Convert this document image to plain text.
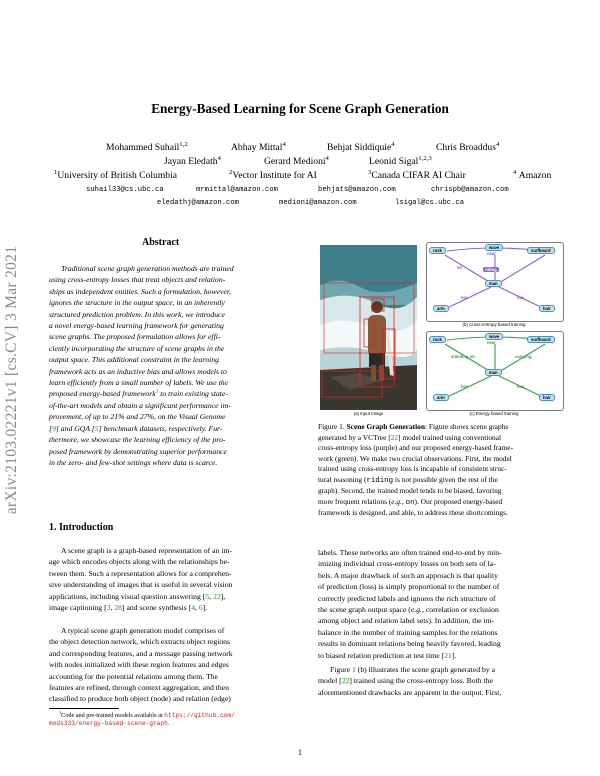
arXiv:2103.02221v1 [cs.CV] 3 Mar 2021
Energy-Based Learning for Scene Graph Generation
Mohammed Suhail$^{1,2}$	Abhay Mittal$^4$	Behjat Siddiquie$^4$	Chris Broaddus$^4$
Jayan Eledath$^4$	Gerard Medioni$^4$	Leonid Sigal$^{1,2,3}$
$^1$University of British Columbia	$^2$Vector Institute for AI	$^3$Canada CIFAR AI Chair	$^4$ Amazon
suhail33@cs.ubc.ca	mrmittal@amazon.com	behjats@amazon.com	chrispb@amazon.com
eledathj@amazon.com	medioni@amazon.com	lsigal@cs.ubc.ca
Abstract
Traditional scene graph generation methods are trained
using cross-entropy losses that treat objects and relation-
ships as independent entities. Such a formulation, however,
ignores the structure in the output space, in an inherently
structured prediction problem. In this work, we introduce
a novel energy-based learning framework for generating
scene graphs. The proposed formulation allows for effi-
ciently incorporating the structure of scene graphs in the
output space. This additional constraint in the learning
framework acts as an inductive bias and allows models to
learn efficiently from a small number of labels. We use the
proposed energy-based framework$^1$ to train existing state-
of-the-art models and obtain a significant performance im-
provement, of up to 21% and 27%, on the Visual Genome
[9] and GQA [5] benchmark datasets, respectively. Fur-
thermore, we showcase the learning efficiency of the pro-
posed framework by demonstrating superior performance
in the zero- and few-shot settings where data is scarce.
1. Introduction
A scene graph is a graph-based representation of an im-
age which encodes objects along with the relationships be-
tween them. Such a representation allows for a comprehen-
sive understanding of images that is useful in several vision
applications, including visual question answering [5, 22],
image captioning [3, 28] and scene synthesis [4, 6].
A typical scene graph generation model comprises of
the object detection network, which extracts object regions
and corresponding features, and a message passing network
with nodes initialized with these region features and edges
accounting for the potential relations among them. The
features are refined, through context aggregation, and then
classified to produce both object (node) and relation (edge)
$^1$Code and pre-trained models available at https://github.com/
mods333/energy-based-scene-graph.
(a) Input Image
rock
wave
surfboard
man
arm	hair
riding
near
on
has	has
(b) Cross-entropy based training
rock
wave
surfboard
man
arm	hair
near
standing on	carrying
has	has
(c) Energy based training
Figure 1. Scene Graph Generation: Figure shows scene graphs
generated by a VCTree [22] model trained using conventional
cross-entropy loss (purple) and our proposed energy-based frame-
work (green). We make two crucial observations. First, the model
trained using cross-entropy loss is incapable of consistent struc-
tural reasoning (riding is not possible given the rest of the
graph). Second, the trained model tends to be biased, favoring
more frequent relations (e.g., on). Our proposed energy-based
framework is designed, and able, to address these shortcomings.
labels. These networks are often trained end-to-end by min-
imizing individual cross-entropy losses on both sets of la-
bels. A major drawback of such an approach is that quality
of prediction (loss) is simply proportional to the number of
correctly predicted labels and ignores the rich structure of
the scene graph output space (e.g., correlation or exclusion
among object and relation label sets). In addition, the im-
balance in the number of training samples for the relations
results in dominant relations being heavily favored, leading
to biased relation prediction at test time [21].
Figure 1 (b) illustrates the scene graph generated by a
model [22] trained using the cross-entropy loss. Both the
aforementioned drawbacks are apparent in the output. First,
1
